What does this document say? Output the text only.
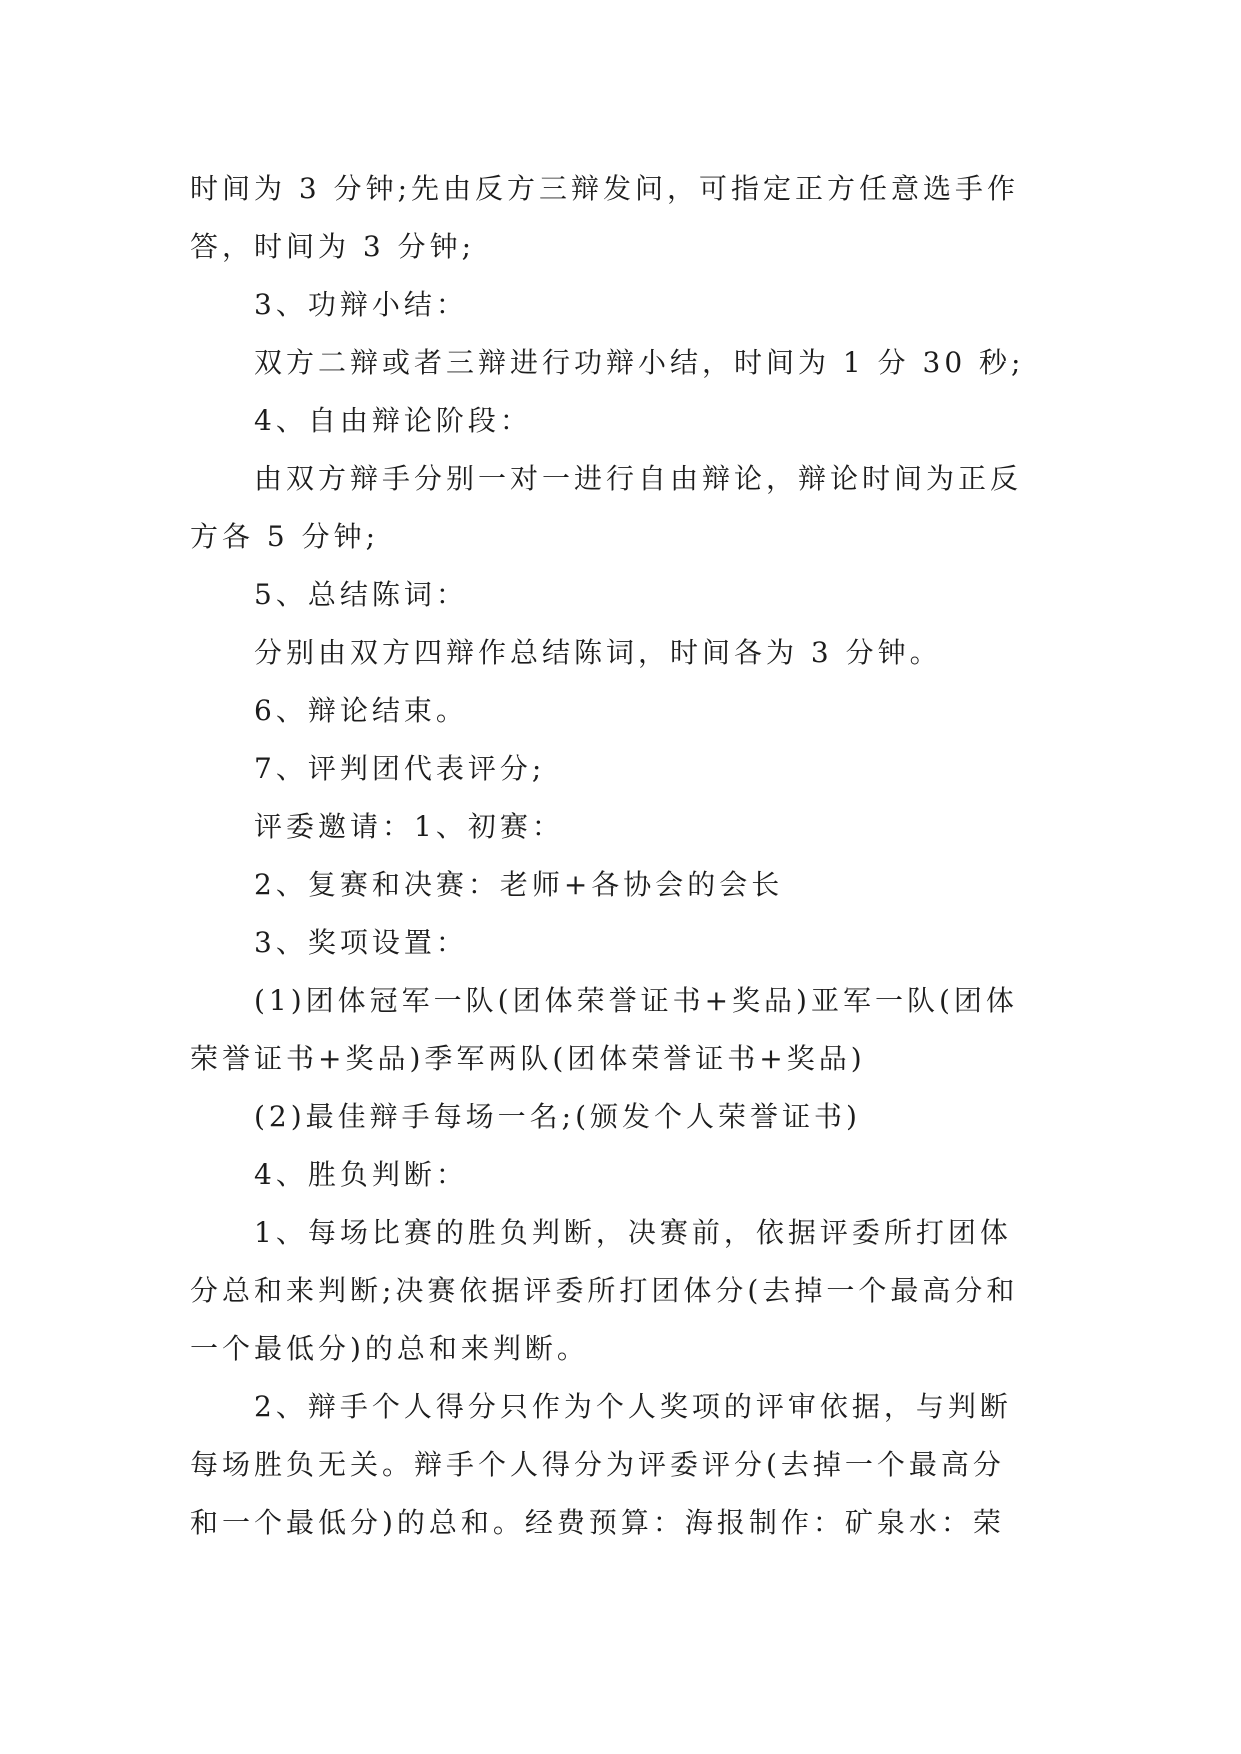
时间为 3 分钟;先由反方三辩发问，可指定正方任意选手作

答，时间为 3 分钟;

3、功辩小结：

双方二辩或者三辩进行功辩小结，时间为 1 分 30 秒;

4、自由辩论阶段：

由双方辩手分别一对一进行自由辩论，辩论时间为正反

方各 5 分钟;

5、总结陈词：

分别由双方四辩作总结陈词，时间各为 3 分钟。

6、辩论结束。

7、评判团代表评分;

评委邀请：1、初赛：

2、复赛和决赛：老师+各协会的会长

3、奖项设置：

(1)团体冠军一队(团体荣誉证书+奖品)亚军一队(团体

荣誉证书+奖品)季军两队(团体荣誉证书+奖品)

(2)最佳辩手每场一名;(颁发个人荣誉证书)

4、胜负判断：

1、每场比赛的胜负判断，决赛前，依据评委所打团体

分总和来判断;决赛依据评委所打团体分(去掉一个最高分和

一个最低分)的总和来判断。

2、辩手个人得分只作为个人奖项的评审依据，与判断

每场胜负无关。辩手个人得分为评委评分(去掉一个最高分

和一个最低分)的总和。经费预算：海报制作：矿泉水：荣
